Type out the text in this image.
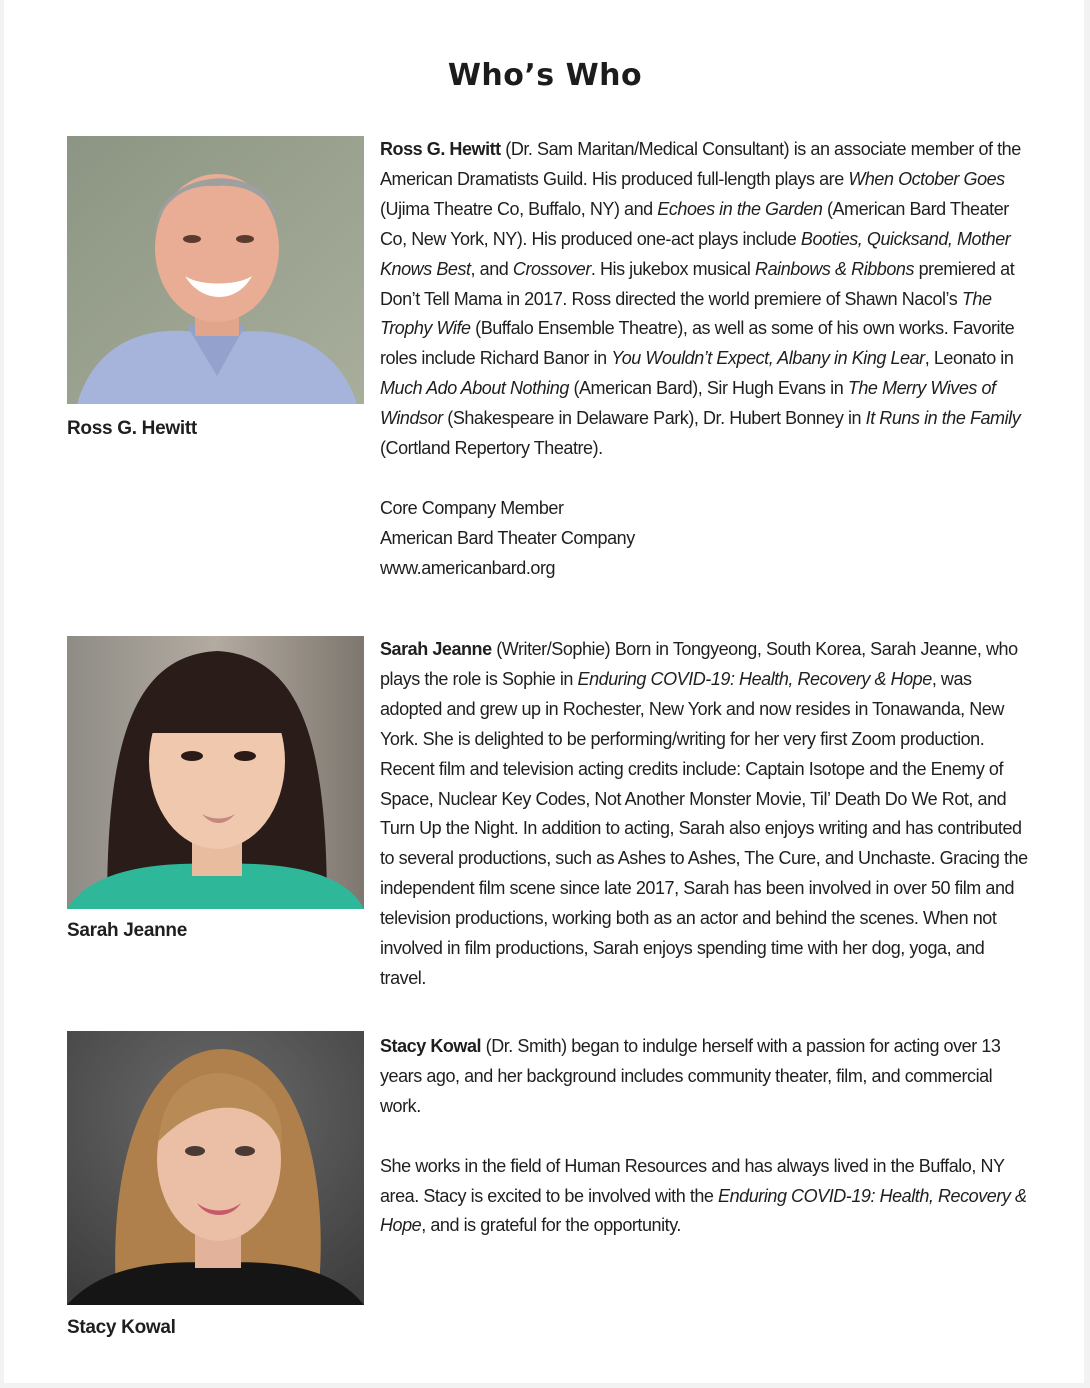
Who’s Who
Ross G. Hewitt

Ross G. Hewitt (Dr. Sam Maritan/Medical Consultant) is an associate member of the American Dramatists Guild. His produced full-length plays are When October Goes (Ujima Theatre Co, Buffalo, NY) and Echoes in the Garden (American Bard Theater Co, New York, NY). His produced one-act plays include Booties, Quicksand, Mother Knows Best, and Crossover. His jukebox musical Rainbows & Ribbons premiered at Don’t Tell Mama in 2017. Ross directed the world premiere of Shawn Nacol’s The Trophy Wife (Buffalo Ensemble Theatre), as well as some of his own works. Favorite roles include Richard Banor in You Wouldn’t Expect, Albany in King Lear, Leonato in Much Ado About Nothing (American Bard), Sir Hugh Evans in The Merry Wives of Windsor (Shakespeare in Delaware Park), Dr. Hubert Bonney in It Runs in the Family (Cortland Repertory Theatre).

Core Company Member
American Bard Theater Company
www.americanbard.org

Sarah Jeanne

Sarah Jeanne (Writer/Sophie) Born in Tongyeong, South Korea, Sarah Jeanne, who plays the role is Sophie in Enduring COVID-19: Health, Recovery & Hope, was adopted and grew up in Rochester, New York and now resides in Tonawanda, New York. She is delighted to be performing/writing for her very first Zoom production. Recent film and television acting credits include: Captain Isotope and the Enemy of Space, Nuclear Key Codes, Not Another Monster Movie, Til’ Death Do We Rot, and Turn Up the Night. In addition to acting, Sarah also enjoys writing and has contributed to several productions, such as Ashes to Ashes, The Cure, and Unchaste. Gracing the independent film scene since late 2017, Sarah has been involved in over 50 film and television productions, working both as an actor and behind the scenes. When not involved in film productions, Sarah enjoys spending time with her dog, yoga, and travel.

Stacy Kowal

Stacy Kowal (Dr. Smith) began to indulge herself with a passion for acting over 13 years ago, and her background includes community theater, film, and commercial work.

She works in the field of Human Resources and has always lived in the Buffalo, NY area. Stacy is excited to be involved with the Enduring COVID-19: Health, Recovery & Hope, and is grateful for the opportunity.
